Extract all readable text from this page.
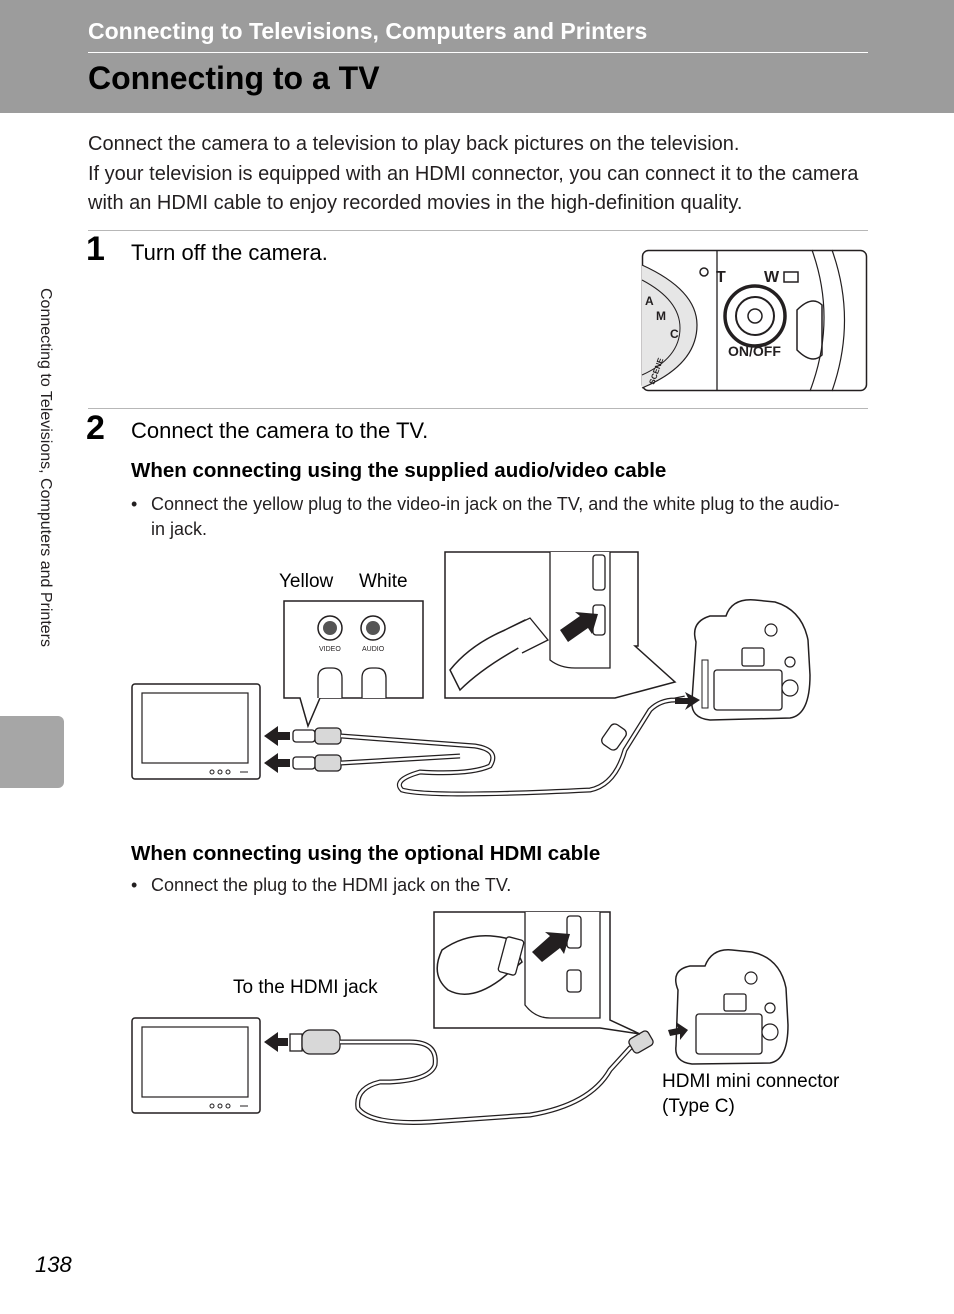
Connecting to Televisions, Computers and Printers
Connecting to a TV

Connect the camera to a television to play back pictures on the television.

If your television is equipped with an HDMI connector, you can connect it to the camera with an HDMI cable to enjoy recorded movies in the high-definition quality.

1 Turn off the camera.
A
M
C
SCENE
ON/OFF
T W
2 Connect the camera to the TV.
When connecting using the supplied audio/video cable
• Connect the yellow plug to the video-in jack on the TV, and the white plug to the audio-in jack.
Yellow White
VIDEO	AUDIO
When connecting using the optional HDMI cable
• Connect the plug to the HDMI jack on the TV.
To the HDMI jack
HDMI mini connector
(Type C)
Connecting to Televisions, Computers and Printers
138
